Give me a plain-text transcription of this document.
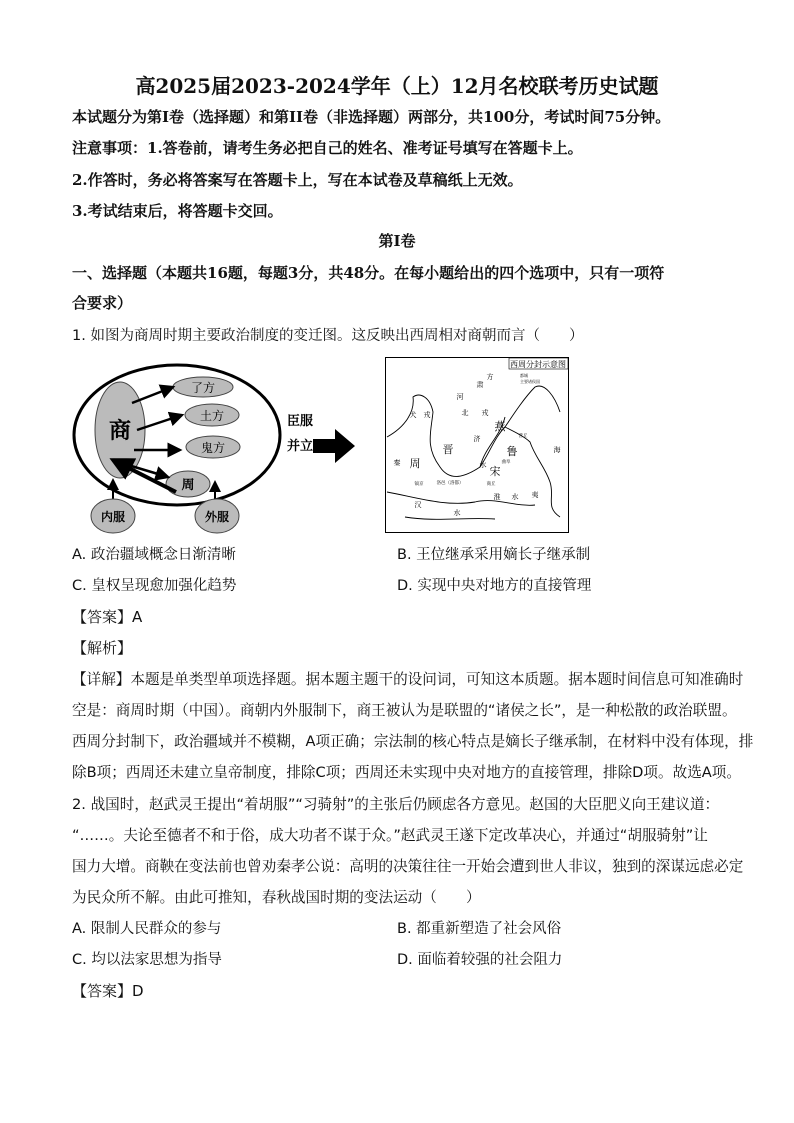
高2025届2023-2024学年（上）12月名校联考历史试题
本试题分为第I卷（选择题）和第II卷（非选择题）两部分，共100分，考试时间75分钟。
注意事项：1.答卷前，请考生务必把自己的姓名、准考证号填写在答题卡上。
2.作答时，务必将答案写在答题卡上，写在本试卷及草稿纸上无效。
3.考试结束后，将答题卡交回。
第I卷
一、选择题（本题共16题，每题3分，共48分。在每小题给出的四个选项中，只有一项符
合要求）
1. 如图为商周时期主要政治制度的变迁图。这反映出西周相对商朝而言（　　）
商
了方
土方
鬼方
周
内服	外服
臣服
并立
西周分封示意图
都城
主要诸侯国
燕
晋	鲁
宋
周
秦
犬 戎
河
北 戎
海
淮 水
汉
水
济
水
夷
肃
方
镐京	洛邑（洛都）	商丘
曲阜
营丘
A. 政治疆域概念日渐清晰	B. 王位继承采用嫡长子继承制
C. 皇权呈现愈加强化趋势	D. 实现中央对地方的直接管理
【答案】A
【解析】
【详解】本题是单类型单项选择题。据本题主题干的设问词，可知这本质题。据本题时间信息可知准确时
空是：商周时期（中国）。商朝内外服制下，商王被认为是联盟的“诸侯之长”，是一种松散的政治联盟。
西周分封制下，政治疆域并不模糊，A项正确；宗法制的核心特点是嫡长子继承制，在材料中没有体现，排
除B项；西周还未建立皇帝制度，排除C项；西周还未实现中央对地方的直接管理，排除D项。故选A项。
2. 战国时，赵武灵王提出“着胡服”“习骑射”的主张后仍顾虑各方意见。赵国的大臣肥义向王建议道：
“……。夫论至德者不和于俗，成大功者不谋于众。”赵武灵王遂下定改革决心，并通过“胡服骑射”让
国力大增。商鞅在变法前也曾劝秦孝公说：高明的决策往往一开始会遭到世人非议，独到的深谋远虑必定
为民众所不解。由此可推知，春秋战国时期的变法运动（　　）
A. 限制人民群众的参与	B. 都重新塑造了社会风俗
C. 均以法家思想为指导	D. 面临着较强的社会阻力
【答案】D
